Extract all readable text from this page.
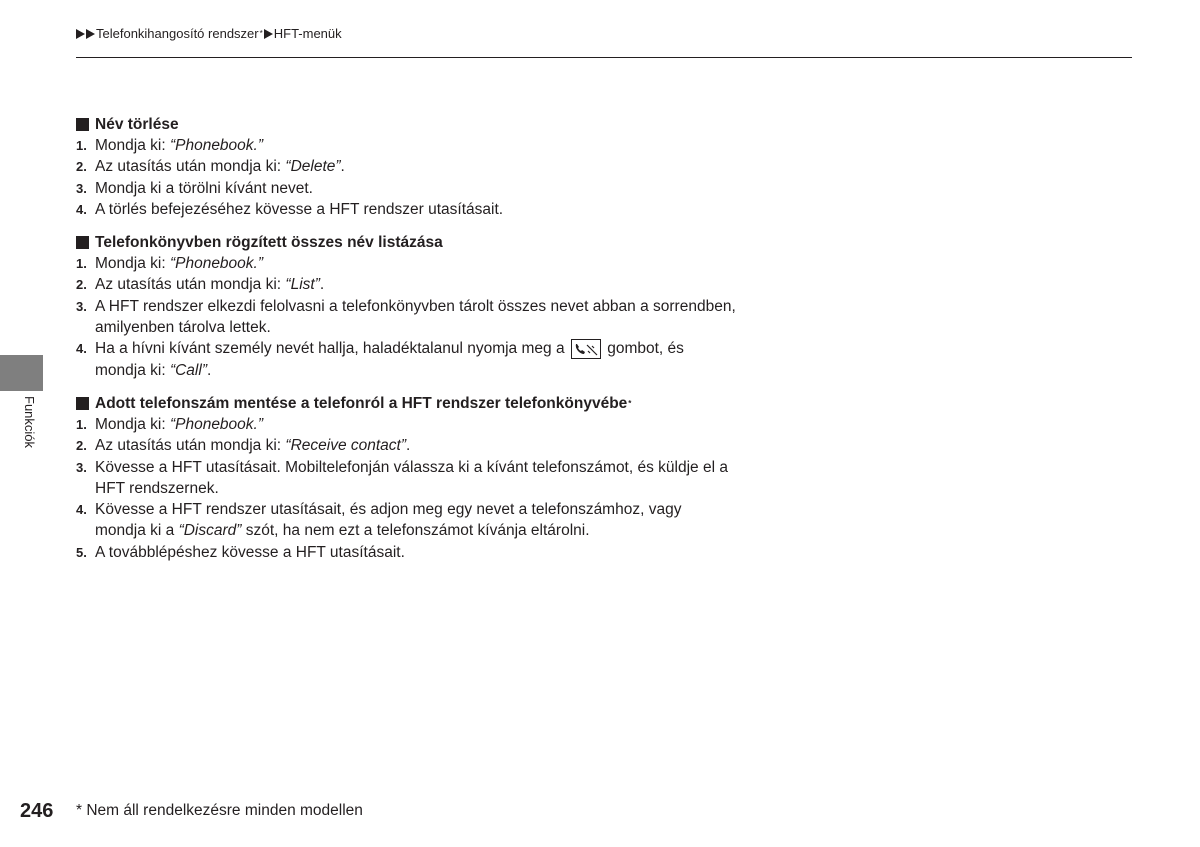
Telefonkihangosító rendszer * HFT-menük
Név törlése
1. Mondja ki: “Phonebook.”
2. Az utasítás után mondja ki: “Delete”.
3. Mondja ki a törölni kívánt nevet.
4. A törlés befejezéséhez kövesse a HFT rendszer utasításait.
Telefonkönyvben rögzített összes név listázása
1. Mondja ki: “Phonebook.”
2. Az utasítás után mondja ki: “List”.
3. A HFT rendszer elkezdi felolvasni a telefonkönyvben tárolt összes nevet abban a sorrendben, amilyenben tárolva lettek.
4. Ha a hívni kívánt személy nevét hallja, haladéktalanul nyomja meg a	gombot, és mondja ki: “Call”.
Adott telefonszám mentése a telefonról a HFT rendszer telefonkönyvébe *
1. Mondja ki: “Phonebook.”
2. Az utasítás után mondja ki: “Receive contact”.
3. Kövesse a HFT utasításait. Mobiltelefonján válassza ki a kívánt telefonszámot, és küldje el a HFT rendszernek.
4. Kövesse a HFT rendszer utasításait, és adjon meg egy nevet a telefonszámhoz, vagy mondja ki a “Discard” szót, ha nem ezt a telefonszámot kívánja eltárolni.
5. A továbblépéshez kövesse a HFT utasításait.
Funkciók
246 * Nem áll rendelkezésre minden modellen
